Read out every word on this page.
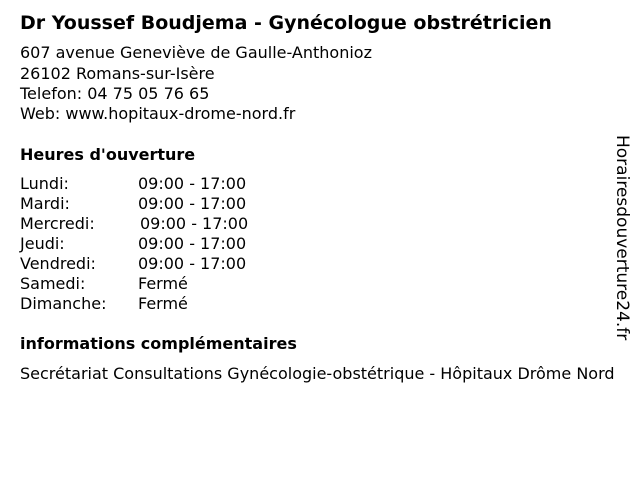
Dr Youssef Boudjema - Gynécologue obstrétricien
607 avenue Geneviève de Gaulle-Anthonioz
26102 Romans-sur-Isère
Telefon: 04 75 05 76 65
Web: www.hopitaux-drome-nord.fr
Heures d'ouverture
Lundi:	09:00 - 17:00
Mardi:	09:00 - 17:00
Mercredi:	09:00 - 17:00
Jeudi:	09:00 - 17:00
Vendredi:	09:00 - 17:00
Samedi:	Fermé
Dimanche: Fermé
informations complémentaires
Secrétariat Consultations Gynécologie-obstétrique - Hôpitaux Drôme Nord
Horairesdouverture24.fr
